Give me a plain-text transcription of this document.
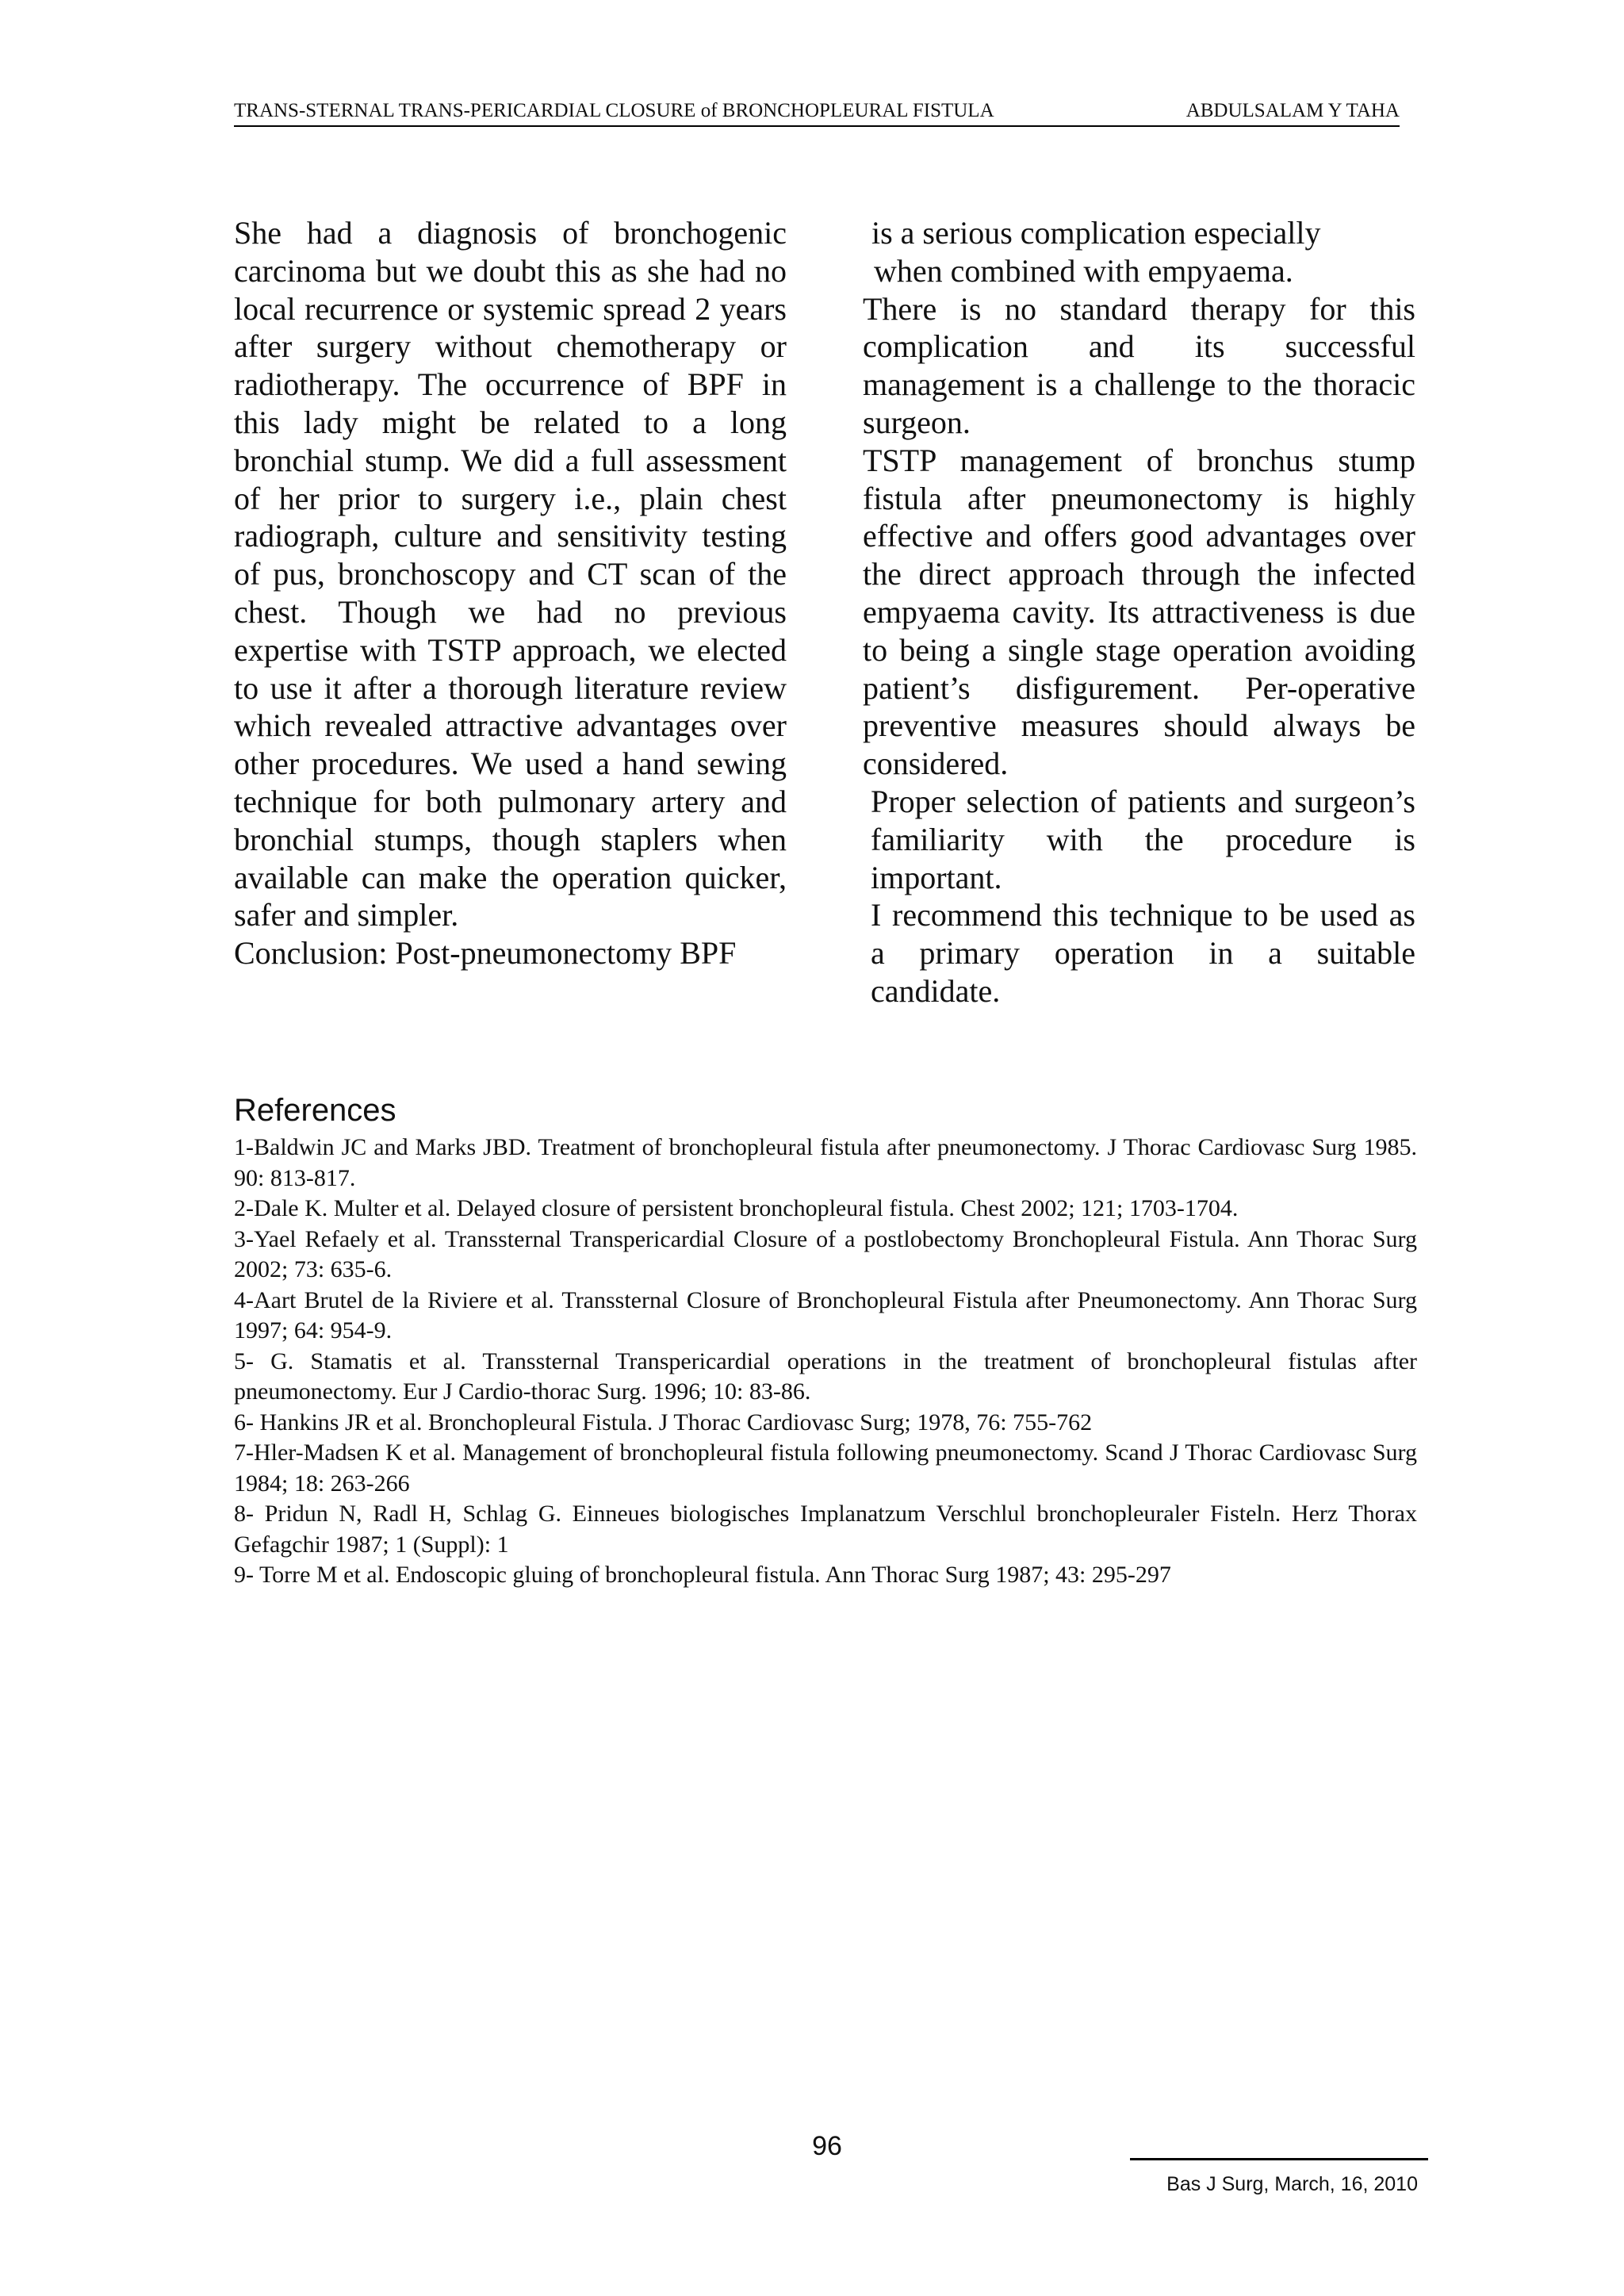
TRANS-STERNAL TRANS-PERICARDIAL CLOSURE of BRONCHOPLEURAL FISTULA	ABDULSALAM Y TAHA

She had a diagnosis of bronchogenic carcinoma but we doubt this as she had no local recurrence or systemic spread 2 years after surgery without chemotherapy or radiotherapy. The occurrence of BPF in this lady might be related to a long bronchial stump. We did a full assessment of her prior to surgery i.e., plain chest radiograph, culture and sensitivity testing of pus, bronchoscopy and CT scan of the chest. Though we had no previous expertise with TSTP approach, we elected to use it after a thorough literature review which revealed attractive advantages over other procedures. We used a hand sewing technique for both pulmonary artery and bronchial stumps, though staplers when available can make the operation quicker, safer and simpler.

Conclusion: Post-pneumonectomy BPF

is a serious complication especially

when combined with empyaema.

There is no standard therapy for this complication and its successful management is a challenge to the thoracic surgeon.

TSTP management of bronchus stump fistula after pneumonectomy is highly effective and offers good advantages over the direct approach through the infected empyaema cavity. Its attractiveness is due to being a single stage operation avoiding patient’s disfigurement. Per-operative preventive measures should always be considered.

Proper selection of patients and surgeon’s familiarity with the procedure is important.

I recommend this technique to be used as a primary operation in a suitable candidate.

References
1-Baldwin JC and Marks JBD. Treatment of bronchopleural fistula after pneumonectomy. J Thorac Cardiovasc Surg 1985. 90: 813-817.
2-Dale K. Multer et al. Delayed closure of persistent bronchopleural fistula. Chest 2002; 121; 1703-1704.
3-Yael Refaely et al. Transsternal Transpericardial Closure of a postlobectomy Bronchopleural Fistula. Ann Thorac Surg 2002; 73: 635-6.
4-Aart Brutel de la Riviere et al. Transsternal Closure of Bronchopleural Fistula after Pneumonectomy. Ann Thorac Surg 1997; 64: 954-9.
5- G. Stamatis et al. Transsternal Transpericardial operations in the treatment of bronchopleural fistulas after pneumonectomy. Eur J Cardio-thorac Surg. 1996; 10: 83-86.
6- Hankins JR et al. Bronchopleural Fistula. J Thorac Cardiovasc Surg; 1978, 76: 755-762
7-Hler-Madsen K et al. Management of bronchopleural fistula following pneumonectomy. Scand J Thorac Cardiovasc Surg 1984; 18: 263-266
8- Pridun N, Radl H, Schlag G. Einneues biologisches Implanatzum Verschlul bronchopleuraler Fisteln. Herz Thorax Gefagchir 1987; 1 (Suppl): 1
9- Torre M et al. Endoscopic gluing of bronchopleural fistula. Ann Thorac Surg 1987; 43: 295-297
96
Bas J Surg, March, 16, 2010
